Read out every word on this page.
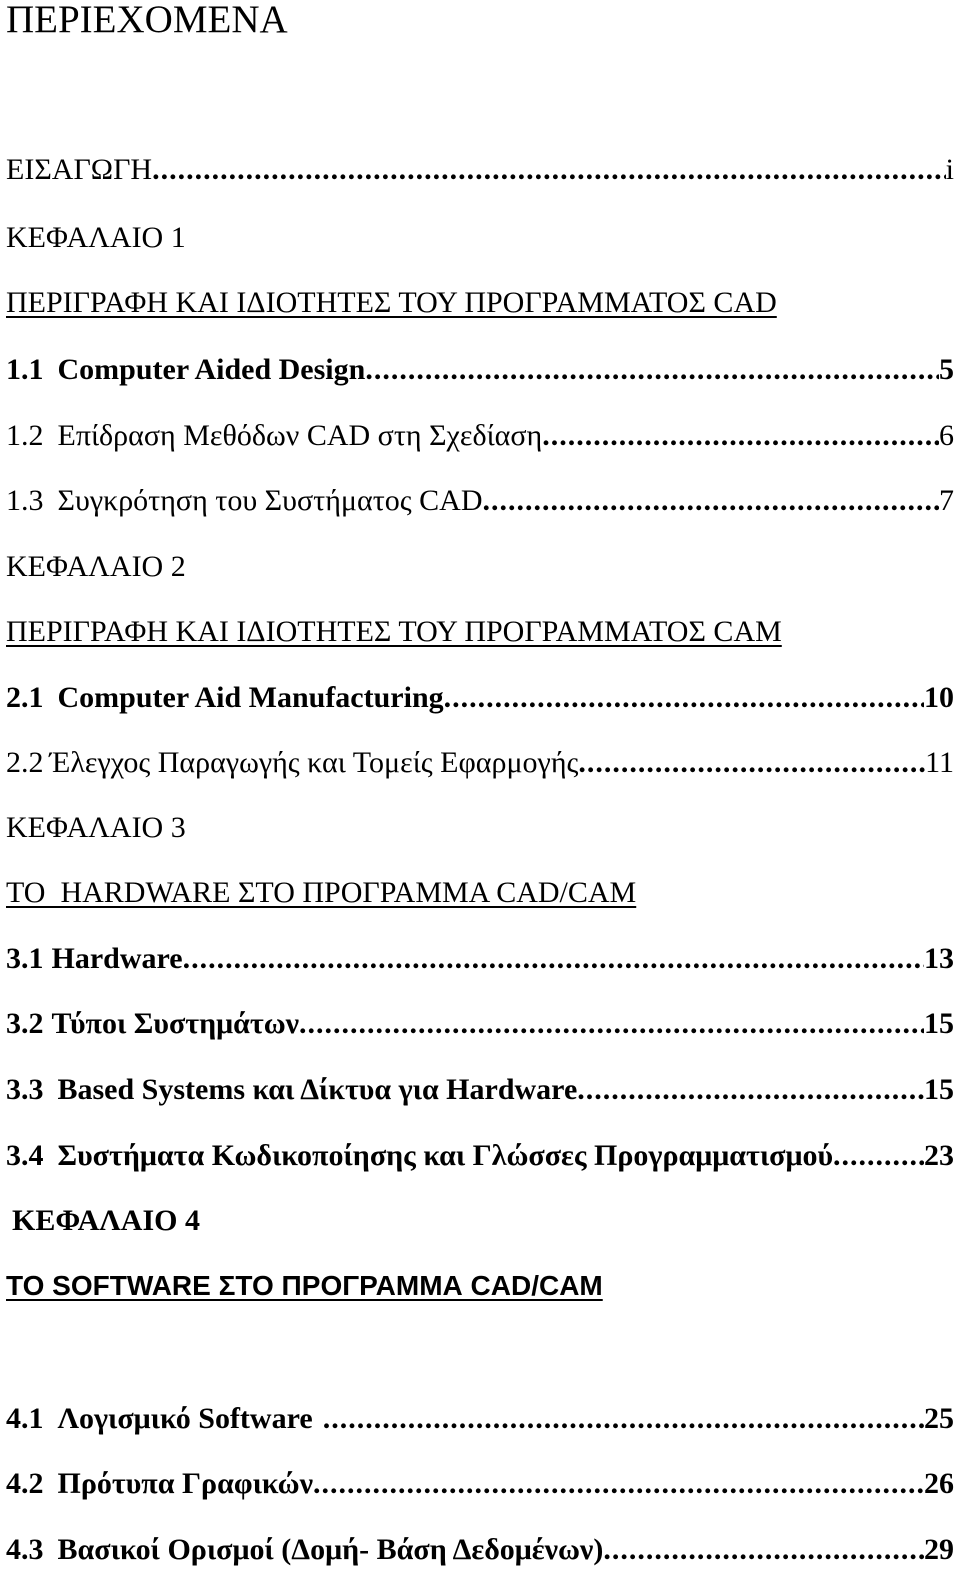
ΠΕΡΙΕΧΟΜΕΝΑ
ΕΙΣΑΓΩΓΗ .....	i
ΚΕΦΑΛΑΙΟ 1
ΠΕΡΙΓΡΑΦΗ ΚΑΙ ΙΔΙΟΤΗΤΕΣ ΤΟΥ ΠΡΟΓΡΑΜΜΑΤΟΣ CAD
1.1 Computer Aided Design .....	5
1.2 Επίδραση Μεθόδων CAD στη Σχεδίαση .....	6
1.3 Συγκρότηση του Συστήματος CAD .....	7
ΚΕΦΑΛΑΙΟ 2
ΠΕΡΙΓΡΑΦΗ ΚΑΙ ΙΔΙΟΤΗΤΕΣ ΤΟΥ ΠΡΟΓΡΑΜΜΑΤΟΣ CAM
2.1 Computer Aid Manufacturing .....	10
2.2 Έλεγχος Παραγωγής και Τομείς Εφαρμογής .....	11
ΚΕΦΑΛΑΙΟ 3
ΤΟ  HARDWARE ΣΤΟ ΠΡΟΓΡΑΜΜΑ CAD/CAM
3.1 Hardware .....	13
3.2 Τύποι Συστημάτων .....	15
3.3 Based Systems και Δίκτυα για Hardware .....	15
3.4 Συστήματα Κωδικοποίησης και Γλώσσες Προγραμματισμού .....	23
ΚΕΦΑΛΑΙΟ 4
ΤΟ SOFTWARE ΣΤΟ ΠΡΟΓΡΑΜΜΑ CAD/CAM
4.1 Λογισμικό Software .....	25
4.2 Πρότυπα Γραφικών .....	26
4.3 Βασικοί Ορισμοί (Δομή- Βάση Δεδομένων) .....	29
